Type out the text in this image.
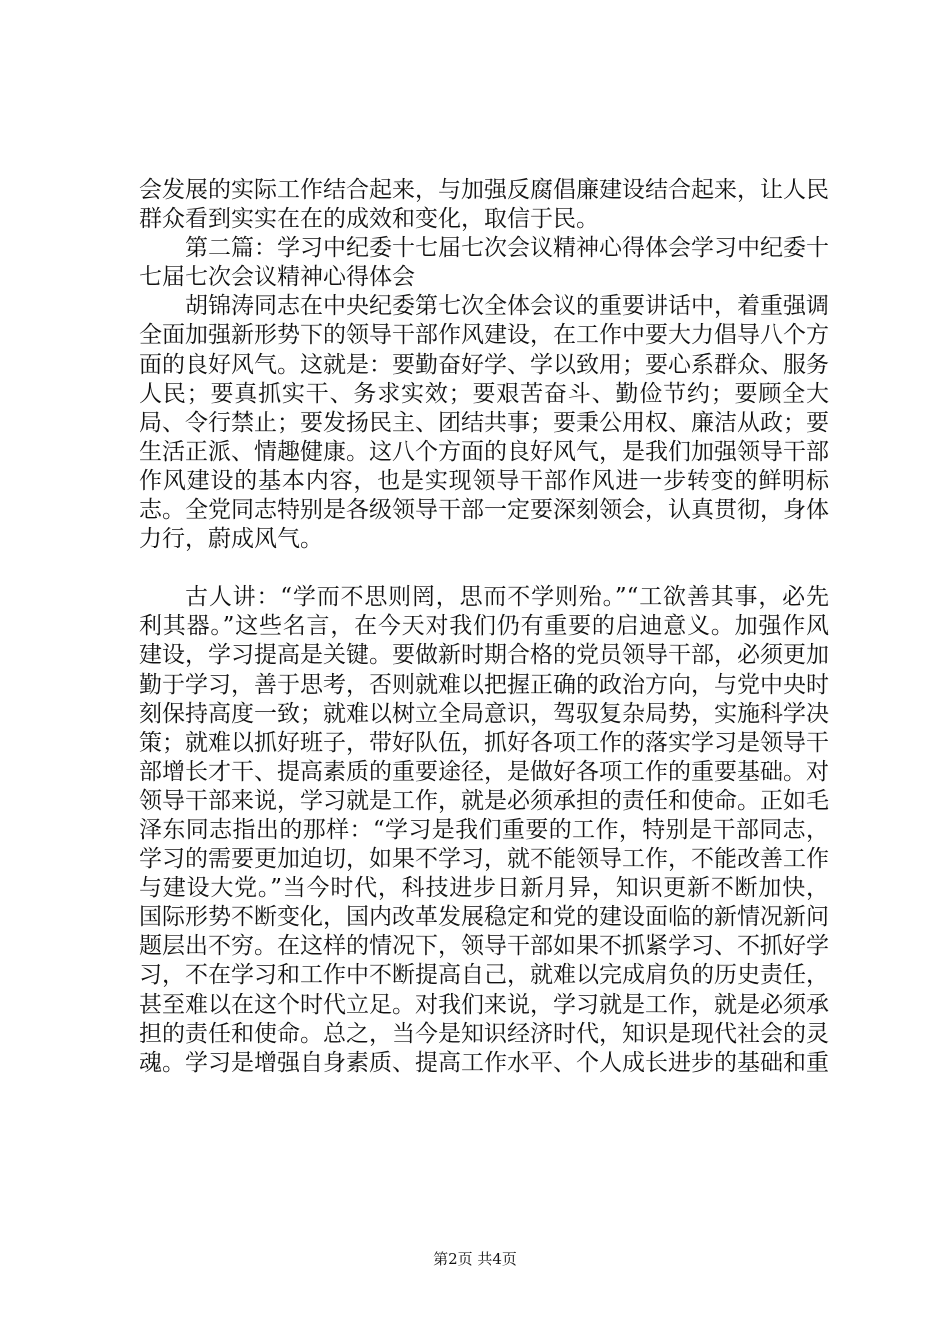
会发展的实际工作结合起来，与加强反腐倡廉建设结合起来，让人民群众看到实实在在的成效和变化，取信于民。

第二篇：学习中纪委十七届七次会议精神心得体会学习中纪委十七届七次会议精神心得体会

胡锦涛同志在中央纪委第七次全体会议的重要讲话中，着重强调全面加强新形势下的领导干部作风建设，在工作中要大力倡导八个方面的良好风气。这就是：要勤奋好学、学以致用；要心系群众、服务人民；要真抓实干、务求实效；要艰苦奋斗、勤俭节约；要顾全大局、令行禁止；要发扬民主、团结共事；要秉公用权、廉洁从政；要生活正派、情趣健康。这八个方面的良好风气，是我们加强领导干部作风建设的基本内容，也是实现领导干部作风进一步转变的鲜明标志。全党同志特别是各级领导干部一定要深刻领会，认真贯彻，身体力行，蔚成风气。

古人讲：“学而不思则罔，思而不学则殆。”“工欲善其事，必先利其器。”这些名言，在今天对我们仍有重要的启迪意义。加强作风建设，学习提高是关键。要做新时期合格的党员领导干部，必须更加勤于学习，善于思考，否则就难以把握正确的政治方向，与党中央时刻保持高度一致；就难以树立全局意识，驾驭复杂局势，实施科学决策；就难以抓好班子，带好队伍，抓好各项工作的落实学习是领导干部增长才干、提高素质的重要途径，是做好各项工作的重要基础。对领导干部来说，学习就是工作，就是必须承担的责任和使命。正如毛泽东同志指出的那样：“学习是我们重要的工作，特别是干部同志，学习的需要更加迫切，如果不学习，就不能领导工作，不能改善工作与建设大党。”当今时代，科技进步日新月异，知识更新不断加快，国际形势不断变化，国内改革发展稳定和党的建设面临的新情况新问题层出不穷。在这样的情况下，领导干部如果不抓紧学习、不抓好学习，不在学习和工作中不断提高自己，就难以完成肩负的历史责任，甚至难以在这个时代立足。对我们来说，学习就是工作，就是必须承担的责任和使命。总之，当今是知识经济时代，知识是现代社会的灵魂。学习是增强自身素质、提高工作水平、个人成长进步的基础和重

第2页 共4页
